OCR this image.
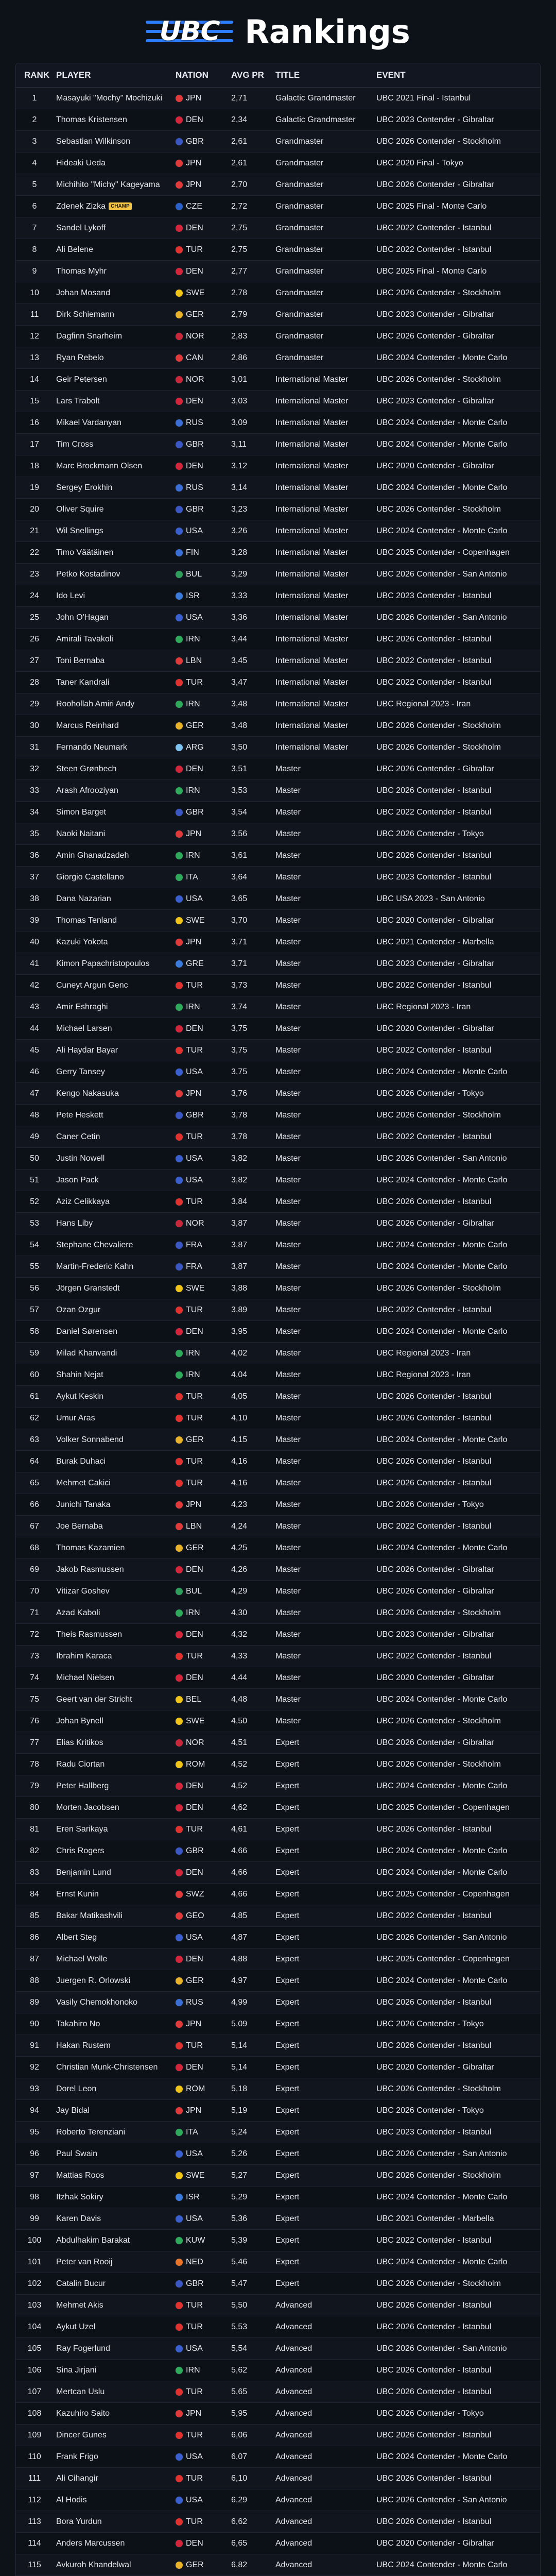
UBC Rankings
RANK PLAYER	NATION	AVG PR	TITLE	EVENT
1	Masayuki "Mochy" Mochizuki	JPN	2,71	Galactic Grandmaster	UBC 2021 Final - Istanbul
2	Thomas Kristensen	DEN	2,34	Galactic Grandmaster	UBC 2023 Contender - Gibraltar
3	Sebastian Wilkinson	GBR	2,61	Grandmaster	UBC 2026 Contender - Stockholm
4	Hideaki Ueda	JPN	2,61	Grandmaster	UBC 2020 Final - Tokyo
5	Michihito "Michy" Kageyama	JPN	2,70	Grandmaster	UBC 2026 Contender - Gibraltar
6	Zdenek Zizka CHAMP	CZE	2,72	Grandmaster	UBC 2025 Final - Monte Carlo
7	Sandel Lykoff	DEN	2,75	Grandmaster	UBC 2022 Contender - Istanbul
8	Ali Belene	TUR	2,75	Grandmaster	UBC 2022 Contender - Istanbul
9	Thomas Myhr	DEN	2,77	Grandmaster	UBC 2025 Final - Monte Carlo
10	Johan Mosand	SWE	2,78	Grandmaster	UBC 2026 Contender - Stockholm
11	Dirk Schiemann	GER	2,79	Grandmaster	UBC 2023 Contender - Gibraltar
12	Dagfinn Snarheim	NOR	2,83	Grandmaster	UBC 2026 Contender - Gibraltar
13	Ryan Rebelo	CAN	2,86	Grandmaster	UBC 2024 Contender - Monte Carlo
14	Geir Petersen	NOR	3,01	International Master	UBC 2026 Contender - Stockholm
15	Lars Trabolt	DEN	3,03	International Master	UBC 2023 Contender - Gibraltar
16	Mikael Vardanyan	RUS	3,09	International Master	UBC 2024 Contender - Monte Carlo
17	Tim Cross	GBR	3,11	International Master	UBC 2024 Contender - Monte Carlo
18	Marc Brockmann Olsen	DEN	3,12	International Master	UBC 2020 Contender - Gibraltar
19	Sergey Erokhin	RUS	3,14	International Master	UBC 2024 Contender - Monte Carlo
20	Oliver Squire	GBR	3,23	International Master	UBC 2026 Contender - Stockholm
21	Wil Snellings	USA	3,26	International Master	UBC 2024 Contender - Monte Carlo
22	Timo Väätäinen	FIN	3,28	International Master	UBC 2025 Contender - Copenhagen
23	Petko Kostadinov	BUL	3,29	International Master	UBC 2026 Contender - San Antonio
24	Ido Levi	ISR	3,33	International Master	UBC 2023 Contender - Istanbul
25	John O'Hagan	USA	3,36	International Master	UBC 2026 Contender - San Antonio
26	Amirali Tavakoli	IRN	3,44	International Master	UBC 2026 Contender - Istanbul
27	Toni Bernaba	LBN	3,45	International Master	UBC 2022 Contender - Istanbul
28	Taner Kandrali	TUR	3,47	International Master	UBC 2022 Contender - Istanbul
29	Roohollah Amiri Andy	IRN	3,48	International Master	UBC Regional 2023 - Iran
30	Marcus Reinhard	GER	3,48	International Master	UBC 2026 Contender - Stockholm
31	Fernando Neumark	ARG	3,50	International Master	UBC 2026 Contender - Stockholm
32	Steen Grønbech	DEN	3,51	Master	UBC 2026 Contender - Gibraltar
33	Arash Afrooziyan	IRN	3,53	Master	UBC 2026 Contender - Istanbul
34	Simon Barget	GBR	3,54	Master	UBC 2022 Contender - Istanbul
35	Naoki Naitani	JPN	3,56	Master	UBC 2026 Contender - Tokyo
36	Amin Ghanadzadeh	IRN	3,61	Master	UBC 2026 Contender - Istanbul
37	Giorgio Castellano	ITA	3,64	Master	UBC 2023 Contender - Istanbul
38	Dana Nazarian	USA	3,65	Master	UBC USA 2023 - San Antonio
39	Thomas Tenland	SWE	3,70	Master	UBC 2020 Contender - Gibraltar
40	Kazuki Yokota	JPN	3,71	Master	UBC 2021 Contender - Marbella
41	Kimon Papachristopoulos	GRE	3,71	Master	UBC 2023 Contender - Gibraltar
42	Cuneyt Argun Genc	TUR	3,73	Master	UBC 2022 Contender - Istanbul
43	Amir Eshraghi	IRN	3,74	Master	UBC Regional 2023 - Iran
44	Michael Larsen	DEN	3,75	Master	UBC 2020 Contender - Gibraltar
45	Ali Haydar Bayar	TUR	3,75	Master	UBC 2022 Contender - Istanbul
46	Gerry Tansey	USA	3,75	Master	UBC 2024 Contender - Monte Carlo
47	Kengo Nakasuka	JPN	3,76	Master	UBC 2026 Contender - Tokyo
48	Pete Heskett	GBR	3,78	Master	UBC 2026 Contender - Stockholm
49	Caner Cetin	TUR	3,78	Master	UBC 2022 Contender - Istanbul
50	Justin Nowell	USA	3,82	Master	UBC 2026 Contender - San Antonio
51	Jason Pack	USA	3,82	Master	UBC 2024 Contender - Monte Carlo
52	Aziz Celikkaya	TUR	3,84	Master	UBC 2026 Contender - Istanbul
53	Hans Liby	NOR	3,87	Master	UBC 2026 Contender - Gibraltar
54	Stephane Chevaliere	FRA	3,87	Master	UBC 2024 Contender - Monte Carlo
55	Martin-Frederic Kahn	FRA	3,87	Master	UBC 2024 Contender - Monte Carlo
56	Jörgen Granstedt	SWE	3,88	Master	UBC 2026 Contender - Stockholm
57	Ozan Ozgur	TUR	3,89	Master	UBC 2022 Contender - Istanbul
58	Daniel Sørensen	DEN	3,95	Master	UBC 2024 Contender - Monte Carlo
59	Milad Khanvandi	IRN	4,02	Master	UBC Regional 2023 - Iran
60	Shahin Nejat	IRN	4,04	Master	UBC Regional 2023 - Iran
61	Aykut Keskin	TUR	4,05	Master	UBC 2026 Contender - Istanbul
62	Umur Aras	TUR	4,10	Master	UBC 2026 Contender - Istanbul
63	Volker Sonnabend	GER	4,15	Master	UBC 2024 Contender - Monte Carlo
64	Burak Duhaci	TUR	4,16	Master	UBC 2026 Contender - Istanbul
65	Mehmet Cakici	TUR	4,16	Master	UBC 2026 Contender - Istanbul
66	Junichi Tanaka	JPN	4,23	Master	UBC 2026 Contender - Tokyo
67	Joe Bernaba	LBN	4,24	Master	UBC 2022 Contender - Istanbul
68	Thomas Kazamien	GER	4,25	Master	UBC 2024 Contender - Monte Carlo
69	Jakob Rasmussen	DEN	4,26	Master	UBC 2026 Contender - Gibraltar
70	Vitizar Goshev	BUL	4,29	Master	UBC 2026 Contender - Gibraltar
71	Azad Kaboli	IRN	4,30	Master	UBC 2026 Contender - Stockholm
72	Theis Rasmussen	DEN	4,32	Master	UBC 2023 Contender - Gibraltar
73	Ibrahim Karaca	TUR	4,33	Master	UBC 2022 Contender - Istanbul
74	Michael Nielsen	DEN	4,44	Master	UBC 2020 Contender - Gibraltar
75	Geert van der Stricht	BEL	4,48	Master	UBC 2024 Contender - Monte Carlo
76	Johan Bynell	SWE	4,50	Master	UBC 2026 Contender - Stockholm
77	Elias Kritikos	NOR	4,51	Expert	UBC 2026 Contender - Gibraltar
78	Radu Ciortan	ROM	4,52	Expert	UBC 2026 Contender - Stockholm
79	Peter Hallberg	DEN	4,52	Expert	UBC 2024 Contender - Monte Carlo
80	Morten Jacobsen	DEN	4,62	Expert	UBC 2025 Contender - Copenhagen
81	Eren Sarikaya	TUR	4,61	Expert	UBC 2026 Contender - Istanbul
82	Chris Rogers	GBR	4,66	Expert	UBC 2024 Contender - Monte Carlo
83	Benjamin Lund	DEN	4,66	Expert	UBC 2024 Contender - Monte Carlo
84	Ernst Kunin	SWZ	4,66	Expert	UBC 2025 Contender - Copenhagen
85	Bakar Matikashvili	GEO	4,85	Expert	UBC 2022 Contender - Istanbul
86	Albert Steg	USA	4,87	Expert	UBC 2026 Contender - San Antonio
87	Michael Wolle	DEN	4,88	Expert	UBC 2025 Contender - Copenhagen
88	Juergen R. Orlowski	GER	4,97	Expert	UBC 2024 Contender - Monte Carlo
89	Vasily Chemokhonoko	RUS	4,99	Expert	UBC 2026 Contender - Istanbul
90	Takahiro No	JPN	5,09	Expert	UBC 2026 Contender - Tokyo
91	Hakan Rustem	TUR	5,14	Expert	UBC 2026 Contender - Istanbul
92	Christian Munk-Christensen	DEN	5,14	Expert	UBC 2020 Contender - Gibraltar
93	Dorel Leon	ROM	5,18	Expert	UBC 2026 Contender - Stockholm
94	Jay Bidal	JPN	5,19	Expert	UBC 2026 Contender - Tokyo
95	Roberto Terenziani	ITA	5,24	Expert	UBC 2023 Contender - Istanbul
96	Paul Swain	USA	5,26	Expert	UBC 2026 Contender - San Antonio
97	Mattias Roos	SWE	5,27	Expert	UBC 2026 Contender - Stockholm
98	Itzhak Sokiry	ISR	5,29	Expert	UBC 2024 Contender - Monte Carlo
99	Karen Davis	USA	5,36	Expert	UBC 2021 Contender - Marbella
100	Abdulhakim Barakat	KUW	5,39	Expert	UBC 2022 Contender - Istanbul
101	Peter van Rooij	NED	5,46	Expert	UBC 2024 Contender - Monte Carlo
102	Catalin Bucur	GBR	5,47	Expert	UBC 2026 Contender - Stockholm
103	Mehmet Akis	TUR	5,50	Advanced	UBC 2026 Contender - Istanbul
104	Aykut Uzel	TUR	5,53	Advanced	UBC 2026 Contender - Istanbul
105	Ray Fogerlund	USA	5,54	Advanced	UBC 2026 Contender - San Antonio
106	Sina Jirjani	IRN	5,62	Advanced	UBC 2026 Contender - Istanbul
107	Mertcan Uslu	TUR	5,65	Advanced	UBC 2026 Contender - Istanbul
108	Kazuhiro Saito	JPN	5,95	Advanced	UBC 2026 Contender - Tokyo
109	Dincer Gunes	TUR	6,06	Advanced	UBC 2026 Contender - Istanbul
110	Frank Frigo	USA	6,07	Advanced	UBC 2024 Contender - Monte Carlo
111	Ali Cihangir	TUR	6,10	Advanced	UBC 2026 Contender - Istanbul
112	Al Hodis	USA	6,29	Advanced	UBC 2026 Contender - San Antonio
113	Bora Yurdun	TUR	6,62	Advanced	UBC 2026 Contender - Istanbul
114	Anders Marcussen	DEN	6,65	Advanced	UBC 2020 Contender - Gibraltar
115	Avkuroh Khandelwal	GER	6,82	Advanced	UBC 2024 Contender - Monte Carlo
